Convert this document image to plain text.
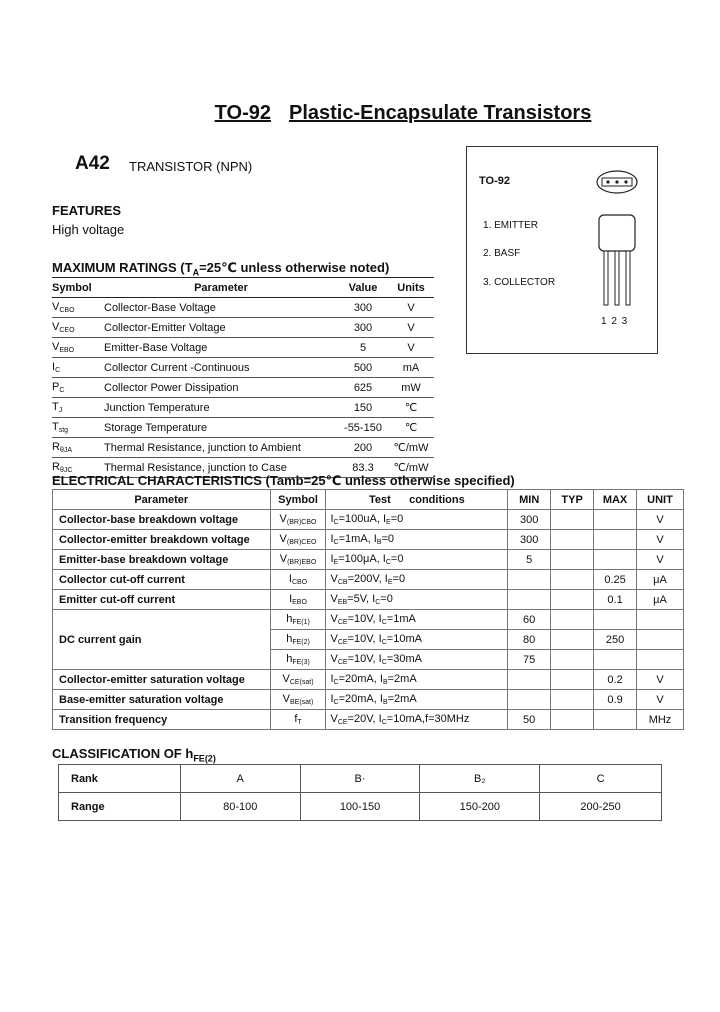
TO-92 Plastic-Encapsulate Transistors
A42 TRANSISTOR (NPN)
FEATURES
High voltage
TO-92
1. EMITTER
2. BASF
3. COLLECTOR
1 2 3
MAXIMUM RATINGS ($T_A=25℃$ unless otherwise noted)
Symbol	Parameter	Value	Units
VCBO	Collector-Base Voltage	300	V
VCEO	Collector-Emitter Voltage	300	V
VEBO	Emitter-Base Voltage	5	V
IC	Collector Current -Continuous	500	mA
PC	Collector Power Dissipation	625	mW
TJ	Junction Temperature	150	℃
Tstg	Storage Temperature	-55-150	℃
RθJA	Thermal Resistance, junction to Ambient	200	℃/mW
RθJC	Thermal Resistance, junction to Case	83.3	℃/mW
ELECTRICAL CHARACTERISTICS (Tamb=25℃ unless otherwise specified)
Parameter	Symbol	Test      conditions	MIN	TYP	MAX	UNIT
Collector-base breakdown voltage	V(BR)CBO	IC=100uA, IE=0	300			V
Collector-emitter breakdown voltage	V(BR)CEO	IC=1mA, IB=0	300			V
Emitter-base breakdown voltage	V(BR)EBO	IE=100μA, IC=0	5			V
Collector cut-off current	ICBO	VCB=200V, IE=0			0.25	μA
Emitter cut-off current	IEBO	VEB=5V, IC=0			0.1	μA
DC current gain	hFE(1)	VCE=10V, IC=1mA	60			
	hFE(2)	VCE=10V, IC=10mA	80		250	
	hFE(3)	VCE=10V, IC=30mA	75			
Collector-emitter saturation voltage	VCE(sat)	IC=20mA, IB=2mA			0.2	V
Base-emitter saturation voltage	VBE(sat)	IC=20mA, IB=2mA			0.9	V
Transition frequency	fT	VCE=20V, IC=10mA,f=30MHz	50			MHz
CLASSIFICATION OF $h_{FE(2)}$
Rank	A	B·	B₂	C
Range	80-100	100-150	150-200	200-250
